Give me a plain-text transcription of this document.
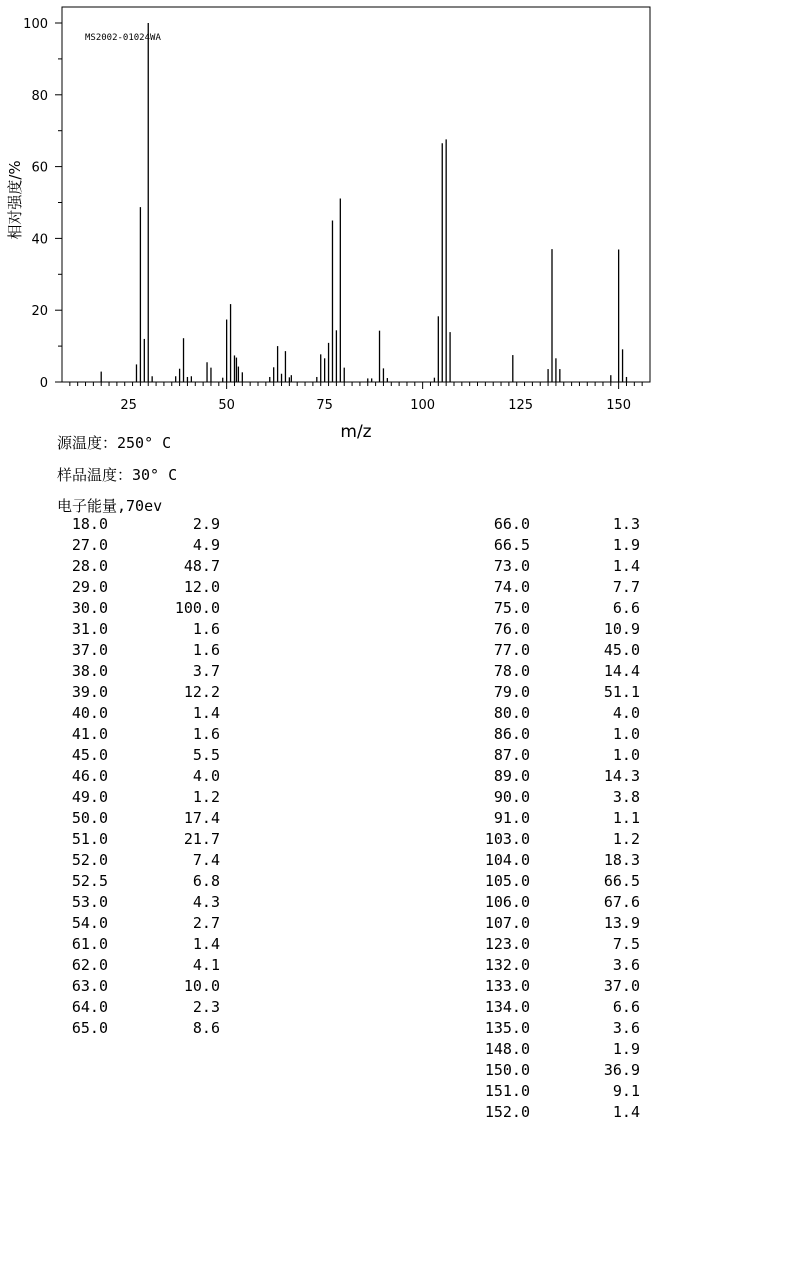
MS2002-01024WA
0
20
40
60
80
100
25	50	75	100	125	150
m/z
相对强度/%
源温度：250° C
样品温度：30° C
电子能量,70ev
18.0	2.9
27.0	4.9
28.0	48.7
29.0	12.0
30.0	100.0
31.0	1.6
37.0	1.6
38.0	3.7
39.0	12.2
40.0	1.4
41.0	1.6
45.0	5.5
46.0	4.0
49.0	1.2
50.0	17.4
51.0	21.7
52.0	7.4
52.5	6.8
53.0	4.3
54.0	2.7
61.0	1.4
62.0	4.1
63.0	10.0
64.0	2.3
65.0	8.6
66.0	1.3
66.5	1.9
73.0	1.4
74.0	7.7
75.0	6.6
76.0	10.9
77.0	45.0
78.0	14.4
79.0	51.1
80.0	4.0
86.0	1.0
87.0	1.0
89.0	14.3
90.0	3.8
91.0	1.1
103.0	1.2
104.0	18.3
105.0	66.5
106.0	67.6
107.0	13.9
123.0	7.5
132.0	3.6
133.0	37.0
134.0	6.6
135.0	3.6
148.0	1.9
150.0	36.9
151.0	9.1
152.0	1.4
